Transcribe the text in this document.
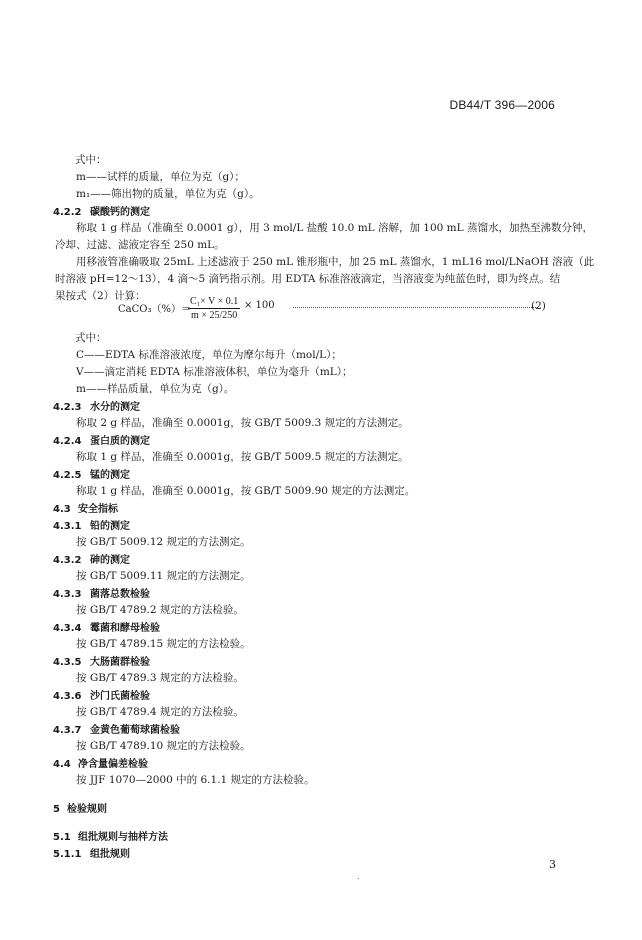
DB44/T 396—2006
式中：
m——试样的质量，单位为克（g）；
m₁——筛出物的质量，单位为克（g）。
4.2.2 碳酸钙的测定
称取 1 g 样品（准确至 0.0001 g），用 3 mol/L 盐酸 10.0 mL 溶解，加 100 mL 蒸馏水，加热至沸数分钟，
冷却、过滤、滤液定容至 250 mL。
用移液管准确吸取 25mL 上述滤液于 250 mL 锥形瓶中，加 25 mL 蒸馏水，1 mL16 mol/LNaOH 溶液（此
时溶液 pH=12～13），4 滴～5 滴钙指示剂。用 EDTA 标准溶液滴定，当溶液变为纯蓝色时，即为终点。结
果按式（2）计算：
CaCO₃（%）＝
C₁× V × 0.1
m × 25/250
× 100	(2)
式中：
C——EDTA 标准溶液浓度，单位为摩尔每升（mol/L）；
V——滴定消耗 EDTA 标准溶液体积，单位为毫升（mL）；
m——样品质量，单位为克（g）。
4.2.3 水分的测定
称取 2 g 样品，准确至 0.0001g，按 GB/T 5009.3 规定的方法测定。
4.2.4 蛋白质的测定
称取 1 g 样品，准确至 0.0001g，按 GB/T 5009.5 规定的方法测定。
4.2.5 锰的测定
称取 1 g 样品，准确至 0.0001g，按 GB/T 5009.90 规定的方法测定。
4.3 安全指标
4.3.1 铅的测定
按 GB/T 5009.12 规定的方法测定。
4.3.2 砷的测定
按 GB/T 5009.11 规定的方法测定。
4.3.3 菌落总数检验
按 GB/T 4789.2 规定的方法检验。
4.3.4 霉菌和酵母检验
按 GB/T 4789.15 规定的方法检验。
4.3.5 大肠菌群检验
按 GB/T 4789.3 规定的方法检验。
4.3.6 沙门氏菌检验
按 GB/T 4789.4 规定的方法检验。
4.3.7 金黄色葡萄球菌检验
按 GB/T 4789.10 规定的方法检验。
4.4 净含量偏差检验
按 JJF 1070—2000 中的 6.1.1 规定的方法检验。
5 检验规则
5.1 组批规则与抽样方法
5.1.1 组批规则
.
3
